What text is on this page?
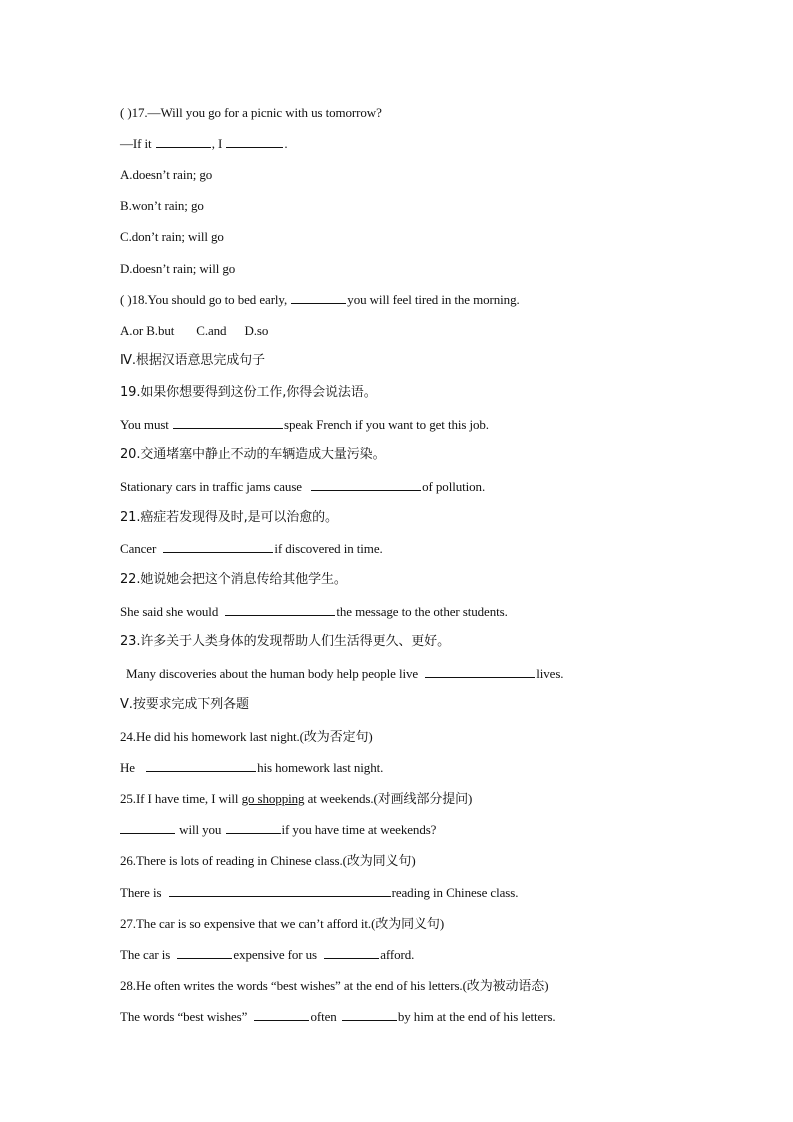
( )17.—Will you go for a picnic with us tomorrow?
—If it	, I	.
A.doesn’t rain; go
B.won’t rain; go
C.don’t rain; will go
D.doesn’t rain; will go
( )18.You should go to bed early,	you will feel tired in the morning.
A.or B.but C.and D.so
Ⅳ.根据汉语意思完成句子
19.如果你想要得到这份工作,你得会说法语。
You must	speak French if you want to get this job.
20.交通堵塞中静止不动的车辆造成大量污染。
Stationary cars in traffic jams cause	of pollution.
21.癌症若发现得及时,是可以治愈的。
Cancer	if discovered in time.
22.她说她会把这个消息传给其他学生。
She said she would	the message to the other students.
23.许多关于人类身体的发现帮助人们生活得更久、更好。
Many discoveries about the human body help people live	lives.
Ⅴ.按要求完成下列各题
24.He did his homework last night.(改为否定句)
He	his homework last night.
25.If I have time, I will go shopping at weekends.(对画线部分提问)
will you	if you have time at weekends?
26.There is lots of reading in Chinese class.(改为同义句)
There is	reading in Chinese class.
27.The car is so expensive that we can’t afford it.(改为同义句)
The car is	expensive for us	afford.
28.He often writes the words “best wishes” at the end of his letters.(改为被动语态)
The words “best wishes”	often	by him at the end of his letters.
